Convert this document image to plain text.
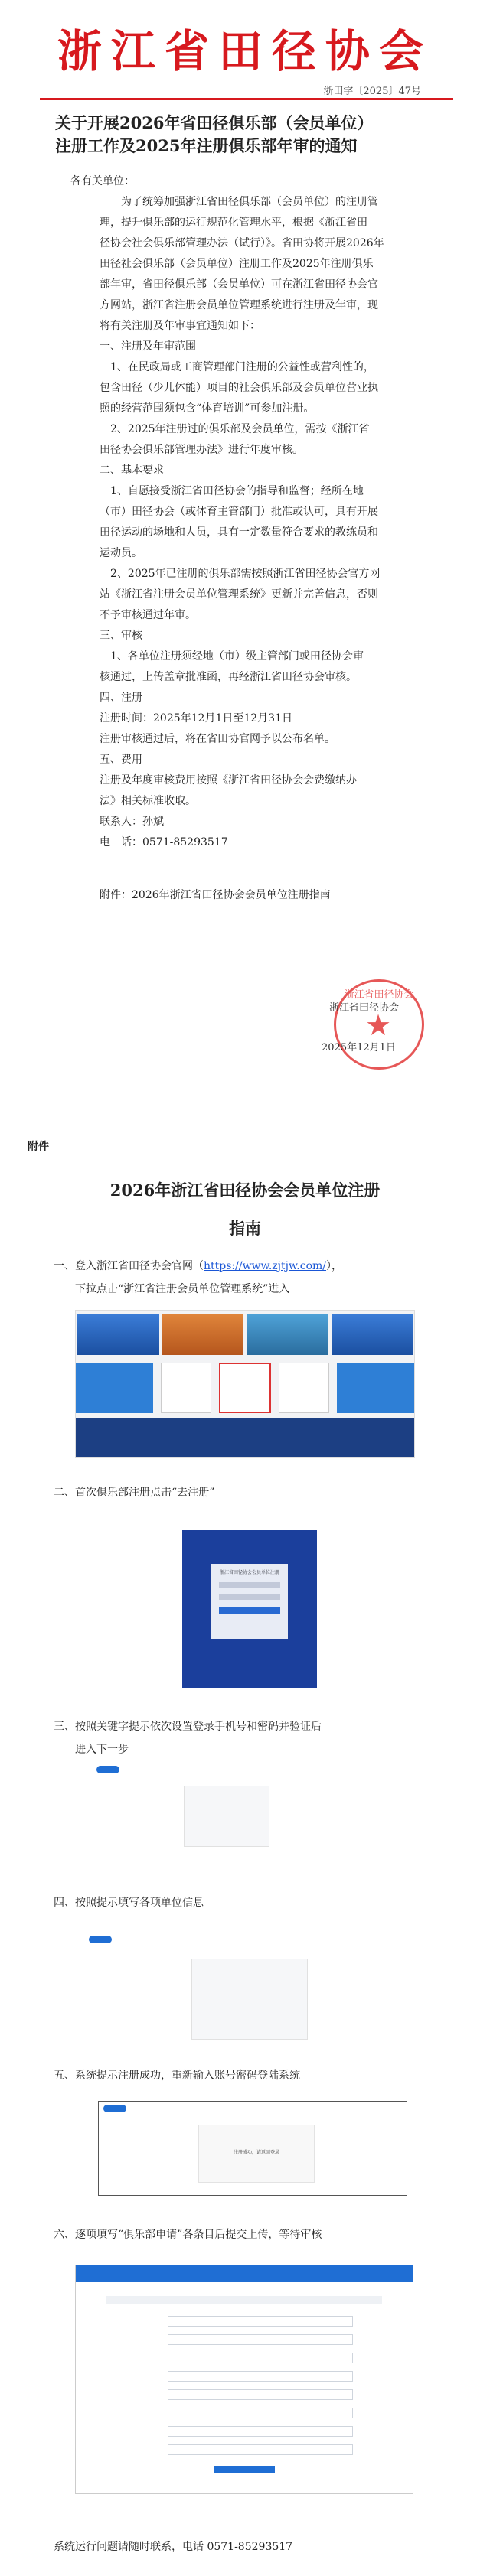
浙江省田径协会
浙田字〔2025〕47号
关于开展2026年省田径俱乐部（会员单位）
注册工作及2025年注册俱乐部年审的通知
各有关单位：
为了统筹加强浙江省田径俱乐部（会员单位）的注册管
理，提升俱乐部的运行规范化管理水平，根据《浙江省田
径协会社会俱乐部管理办法（试行）》。省田协将开展2026年
田径社会俱乐部（会员单位）注册工作及2025年注册俱乐
部年审，省田径俱乐部（会员单位）可在浙江省田径协会官
方网站，浙江省注册会员单位管理系统进行注册及年审，现
将有关注册及年审事宜通知如下：
一、注册及年审范围
1、在民政局或工商管理部门注册的公益性或营利性的，
包含田径（少儿体能）项目的社会俱乐部及会员单位营业执
照的经营范围须包含“体育培训”可参加注册。
2、2025年注册过的俱乐部及会员单位，需按《浙江省
田径协会俱乐部管理办法》进行年度审核。
二、基本要求
1、自愿接受浙江省田径协会的指导和监督；经所在地
（市）田径协会（或体育主管部门）批准或认可，具有开展
田径运动的场地和人员，具有一定数量符合要求的教练员和
运动员。
2、2025年已注册的俱乐部需按照浙江省田径协会官方网
站《浙江省注册会员单位管理系统》更新并完善信息，否则
不予审核通过年审。
三、审核
1、各单位注册须经地（市）级主管部门或田径协会审
核通过，上传盖章批准函，再经浙江省田径协会审核。
四、注册
注册时间：2025年12月1日至12月31日
注册审核通过后，将在省田协官网予以公布名单。
五、费用
注册及年度审核费用按照《浙江省田径协会会费缴纳办
法》相关标准收取。
联系人：孙斌
电　话：0571-85293517
附件：2026年浙江省田径协会会员单位注册指南
浙江省田径协会
★
浙江省田径协会
2025年12月1日
附件
2026年浙江省田径协会会员单位注册
指南
一、登入浙江省田径协会官网（https://www.zjtjw.com/），
下拉点击“浙江省注册会员单位管理系统”进入
二、首次俱乐部注册点击“去注册”
浙江省田径协会会员单位注册
三、按照关键字提示依次设置登录手机号和密码并验证后
进入下一步
四、按照提示填写各项单位信息
五、系统提示注册成功，重新输入账号密码登陆系统
注册成功，请返回登录
六、逐项填写“俱乐部申请”各条目后提交上传，等待审核
系统运行问题请随时联系，电话 0571-85293517
